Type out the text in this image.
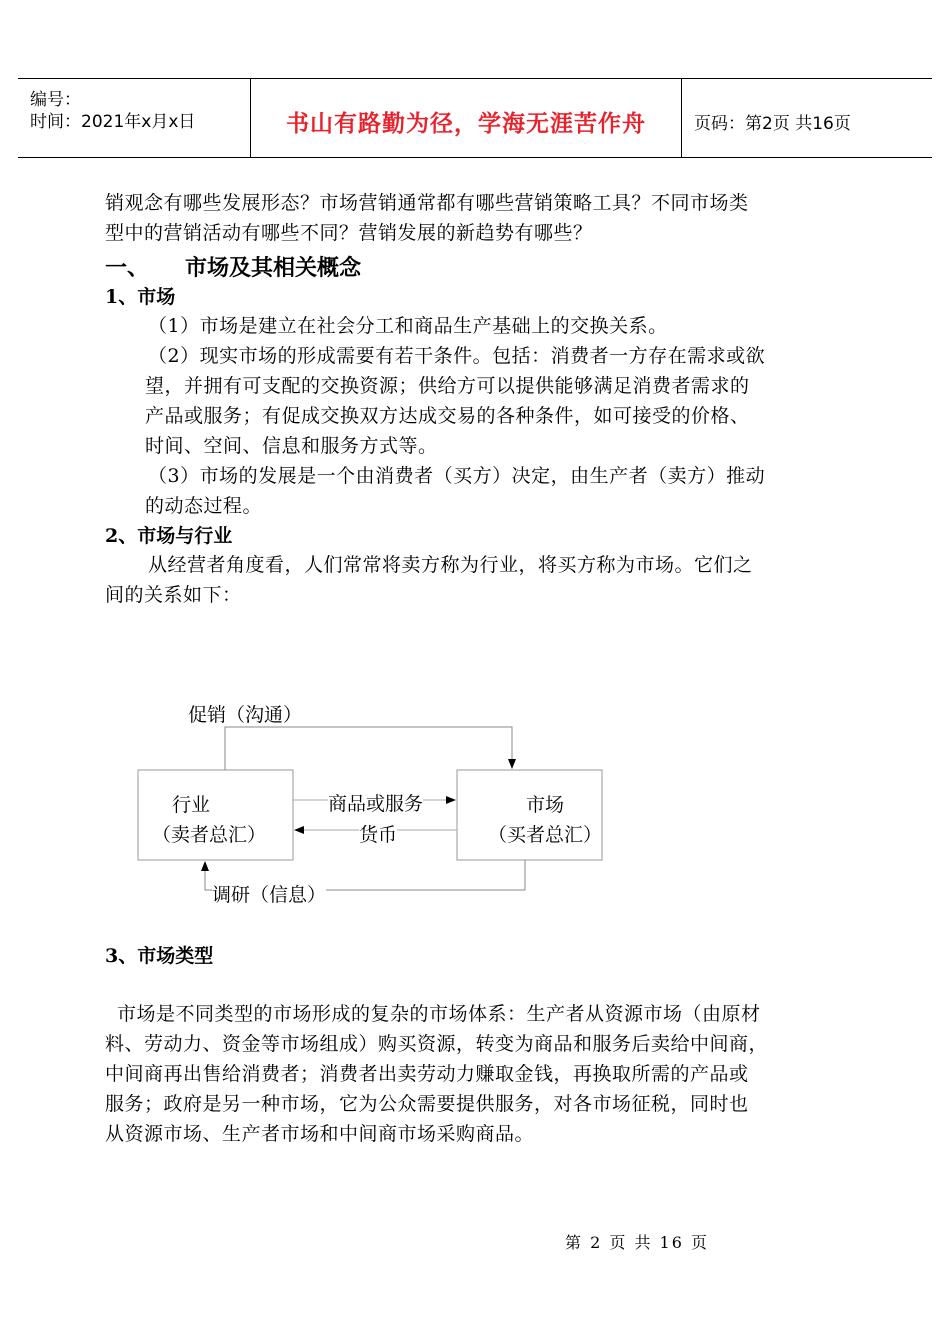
编号：
时间：2021年x月x日	书山有路勤为径，学海无涯苦作舟	页码：第2页 共16页
销观念有哪些发展形态？市场营销通常都有哪些营销策略工具？不同市场类
型中的营销活动有哪些不同？营销发展的新趋势有哪些？
一、 市场及其相关概念
1、市场
（1）市场是建立在社会分工和商品生产基础上的交换关系。
（2）现实市场的形成需要有若干条件。包括：消费者一方存在需求或欲
望，并拥有可支配的交换资源；供给方可以提供能够满足消费者需求的
产品或服务；有促成交换双方达成交易的各种条件，如可接受的价格、
时间、空间、信息和服务方式等。
（3）市场的发展是一个由消费者（买方）决定，由生产者（卖方）推动
的动态过程。
2、市场与行业
从经营者角度看，人们常常将卖方称为行业，将买方称为市场。它们之
间的关系如下：
促销（沟通）
行业
（卖者总汇）
市场
（买者总汇）
商品或服务
货币
调研（信息）
3、市场类型
市场是不同类型的市场形成的复杂的市场体系：生产者从资源市场（由原材
料、劳动力、资金等市场组成）购买资源，转变为商品和服务后卖给中间商，
中间商再出售给消费者；消费者出卖劳动力赚取金钱，再换取所需的产品或
服务；政府是另一种市场，它为公众需要提供服务，对各市场征税，同时也
从资源市场、生产者市场和中间商市场采购商品。
第 2 页 共 16 页
